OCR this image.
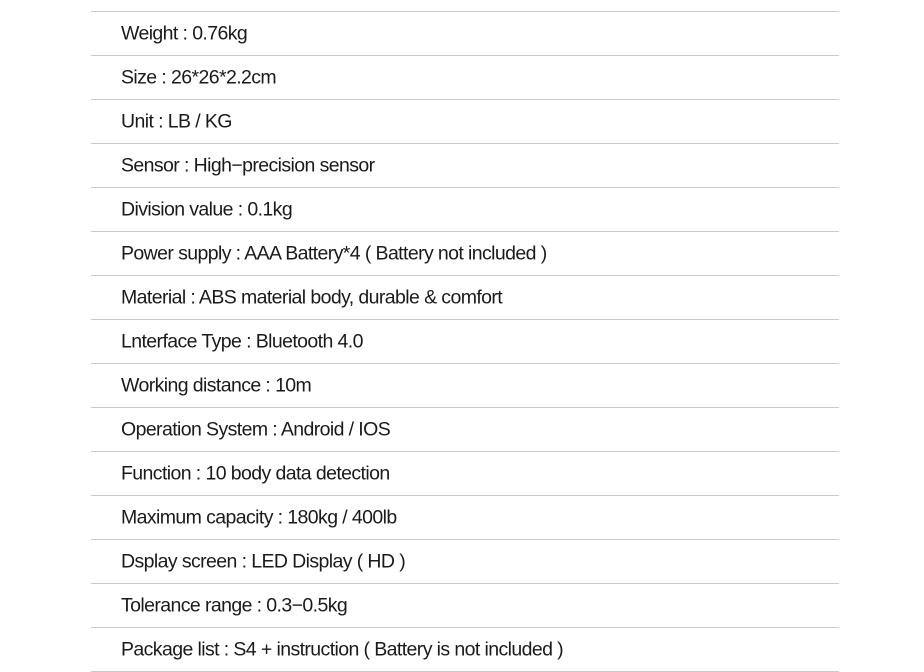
Weight : 0.76kg
Size : 26*26*2.2cm
Unit : LB / KG
Sensor : High−precision sensor
Division value : 0.1kg
Power supply : AAA Battery*4 ( Battery not included )
Material : ABS material body, durable & comfort
Lnterface Type : Bluetooth 4.0
Working distance : 10m
Operation System : Android / IOS
Function : 10 body data detection
Maximum capacity : 180kg / 400lb
Dsplay screen : LED Display ( HD )
Tolerance range : 0.3−0.5kg
Package list : S4 + instruction ( Battery is not included )
